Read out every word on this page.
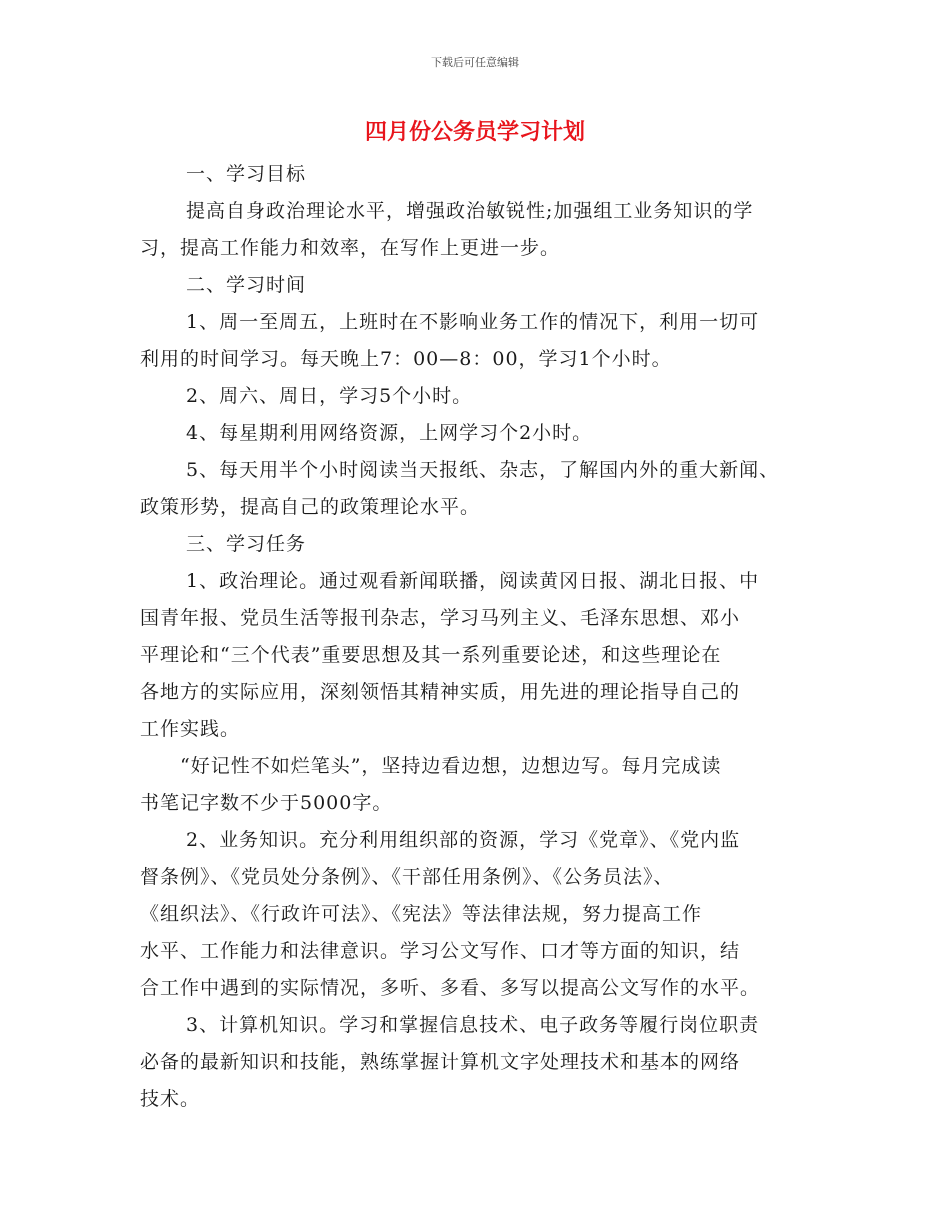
下载后可任意编辑
四月份公务员学习计划
一、学习目标
提高自身政治理论水平，增强政治敏锐性;加强组工业务知识的学
习，提高工作能力和效率，在写作上更进一步。
二、学习时间
1、周一至周五，上班时在不影响业务工作的情况下，利用一切可
利用的时间学习。每天晚上7：00—8：00，学习1个小时。
2、周六、周日，学习5个小时。
4、每星期利用网络资源，上网学习个2小时。
5、每天用半个小时阅读当天报纸、杂志，了解国内外的重大新闻、
政策形势，提高自己的政策理论水平。
三、学习任务
1、政治理论。通过观看新闻联播，阅读黄冈日报、湖北日报、中
国青年报、党员生活等报刊杂志，学习马列主义、毛泽东思想、邓小
平理论和“三个代表”重要思想及其一系列重要论述，和这些理论在
各地方的实际应用，深刻领悟其精神实质，用先进的理论指导自己的
工作实践。
“好记性不如烂笔头”，坚持边看边想，边想边写。每月完成读
书笔记字数不少于5000字。
2、业务知识。充分利用组织部的资源，学习《党章》、《党内监
督条例》、《党员处分条例》、《干部任用条例》、《公务员法》、
《组织法》、《行政许可法》、《宪法》等法律法规，努力提高工作
水平、工作能力和法律意识。学习公文写作、口才等方面的知识，结
合工作中遇到的实际情况，多听、多看、多写以提高公文写作的水平。
3、计算机知识。学习和掌握信息技术、电子政务等履行岗位职责
必备的最新知识和技能，熟练掌握计算机文字处理技术和基本的网络
技术。
